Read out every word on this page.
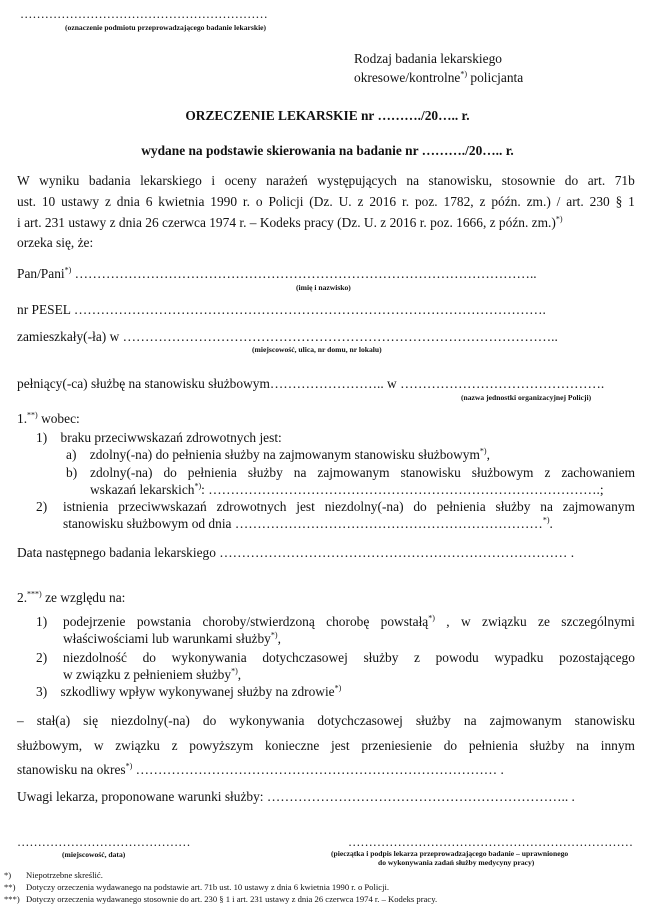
……………………………………………………
(oznaczenie podmiotu przeprowadzającego badanie lekarskie)
Rodzaj badania lekarskiego
okresowe/kontrolne*) policjanta
ORZECZENIE LEKARSKIE nr ………./20….. r.
wydane na podstawie skierowania na badanie nr ………./20….. r.
W wyniku badania lekarskiego i oceny narażeń występujących na stanowisku, stosownie do art. 71b
ust. 10 ustawy z dnia 6 kwietnia 1990 r. o Policji (Dz. U. z 2016 r. poz. 1782, z późn. zm.) / art. 230 § 1
i art. 231 ustawy z dnia 26 czerwca 1974 r. – Kodeks pracy (Dz. U. z 2016 r. poz. 1666, z późn. zm.)*)
orzeka się, że:
Pan/Pani*) …………………………………………………………………………………………..
(imię i nazwisko)
nr PESEL …………………………………………………………………………………………….
zamieszkały(-ła) w ……………………………………………………………………………………..
(miejscowość, ulica, nr domu, nr lokalu)
pełniący(-ca) służbę na stanowisku służbowym…………………….. w ……………………………………….
(nazwa jednostki organizacyjnej Policji)
1.**) wobec:
1) braku przeciwwskazań zdrowotnych jest:
a) zdolny(-na) do pełnienia służby na zajmowanym stanowisku służbowym*),
b) zdolny(-na) do pełnienia służby na zajmowanym stanowisku służbowym z zachowaniem
wskazań lekarskich*): …………………………………………………………………………….;
2) istnienia przeciwwskazań zdrowotnych jest niezdolny(-na) do pełnienia służby na zajmowanym
stanowisku służbowym od dnia ……………………………………………………………*).
Data następnego badania lekarskiego …………………………………………………………………… .
2.***) ze względu na:
1) podejrzenie powstania choroby/stwierdzoną chorobę powstałą*) , w związku ze szczególnymi
właściwościami lub warunkami służby*),
2) niezdolność do wykonywania dotychczasowej służby z powodu wypadku pozostającego
w związku z pełnieniem służby*),
3) szkodliwy wpływ wykonywanej służby na zdrowie*)
– stał(a) się niezdolny(-na) do wykonywania dotychczasowej służby na zajmowanym stanowisku
służbowym, w związku z powyższym konieczne jest przeniesienie do pełnienia służby na innym
stanowisku na okres*) ……………………………………………………………………… .
Uwagi lekarza, proponowane warunki służby: ………………………………………………………….. .
……………………………………
(miejscowość, data)
……………………………………………………………
(pieczątka i podpis lekarza przeprowadzającego badanie – uprawnionego
do wykonywania zadań służby medycyny pracy)
*) Niepotrzebne skreślić.
**) Dotyczy orzeczenia wydawanego na podstawie art. 71b ust. 10 ustawy z dnia 6 kwietnia 1990 r. o Policji.
***) Dotyczy orzeczenia wydawanego stosownie do art. 230 § 1 i art. 231 ustawy z dnia 26 czerwca 1974 r. – Kodeks pracy.
